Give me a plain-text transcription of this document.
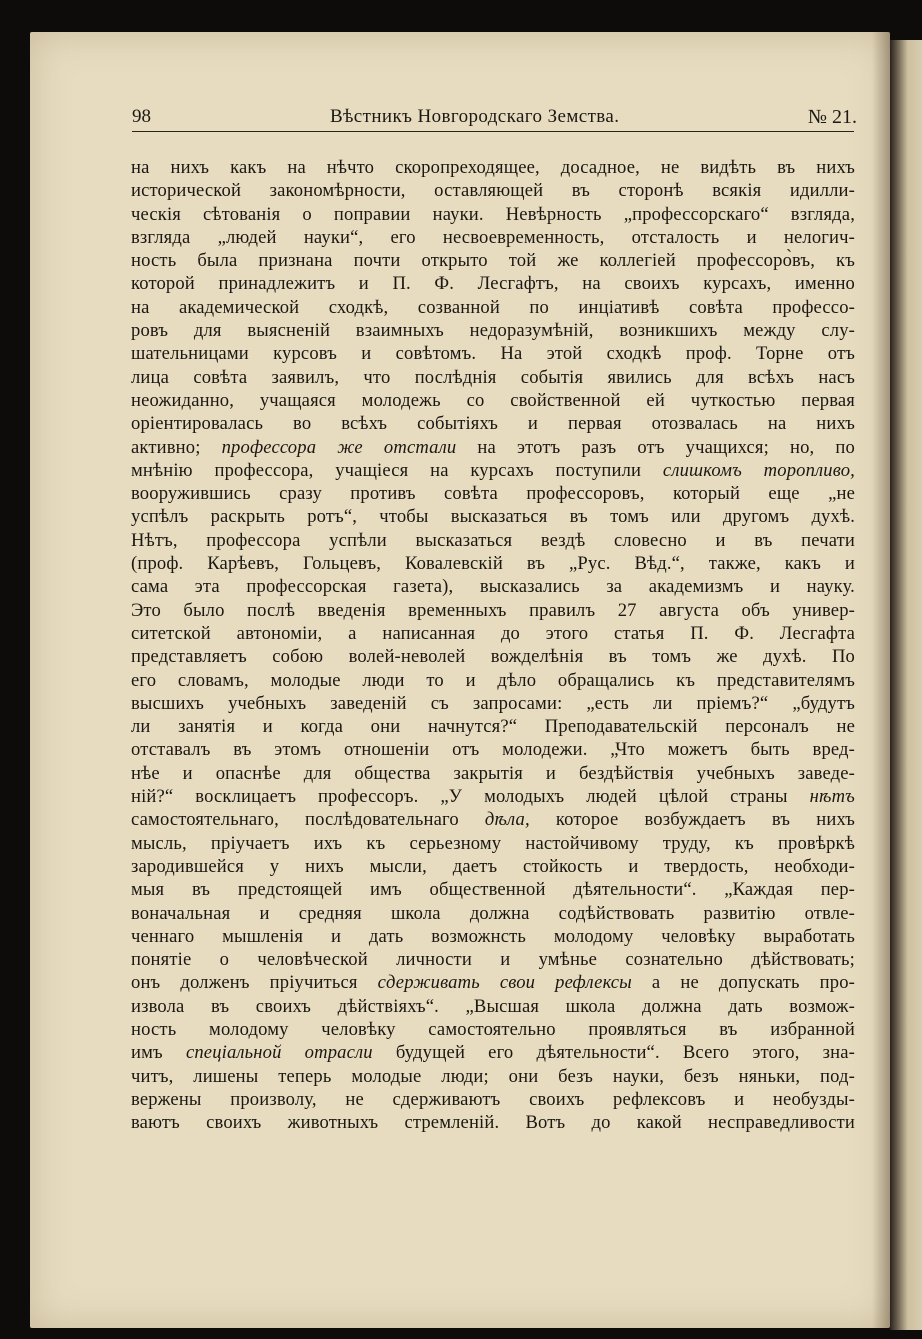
98	Вѣстникъ Новгородскаго Земства.	№ 21.
на нихъ какъ на нѣчто скоропреходящее, досадное, не видѣть въ нихъ
исторической закономѣрности, оставляющей въ сторонѣ всякія идилли-
ческія сѣтованія о поправии науки. Невѣрность „профессорскаго“ взгляда,
взгляда „людей науки“, его несвоевременность, отсталость и нелогич-
ность была признана почти открыто той же коллегіей профессоро̀въ, къ
которой принадлежитъ и П. Ф. Лесгафтъ, на своихъ курсахъ, именно
на академической сходкѣ, созванной по инціативѣ совѣта профессо-
ровъ для выясненій взаимныхъ недоразумѣній, возникшихъ между слу-
шательницами курсовъ и совѣтомъ. На этой сходкѣ проф. Торне отъ
лица совѣта заявилъ, что послѣднія событія явились для всѣхъ насъ
неожиданно, учащаяся молодежь со свойственной ей чуткостью первая
оріентировалась во всѣхъ событіяхъ и первая отозвалась на нихъ
активно; профессора же отстали на этотъ разъ отъ учащихся; но, по
мнѣнію профессора, учащіеся на курсахъ поступили слишкомъ торопливо,
вооружившись сразу противъ совѣта профессоровъ, который еще „не
успѣлъ раскрыть ротъ“, чтобы высказаться въ томъ или другомъ духѣ.
Нѣтъ, профессора успѣли высказаться вездѣ словесно и въ печати
(проф. Карѣевъ, Гольцевъ, Ковалевскій въ „Рус. Вѣд.“, также, какъ и
сама эта профессорская газета), высказались за академизмъ и науку.
Это было послѣ введенія временныхъ правилъ 27 августа объ универ-
ситетской автономіи, а написанная до этого статья П. Ф. Лесгафта
представляетъ собою волей-неволей вожделѣнія въ томъ же духѣ. По
его словамъ, молодые люди то и дѣло обращались къ представителямъ
высшихъ учебныхъ заведеній съ запросами: „есть ли пріемъ?“ „будутъ
ли занятія и когда они начнутся?“ Преподавательскій персоналъ не
отставалъ въ этомъ отношеніи отъ молодежи. „Что можетъ быть вред-
нѣе и опаснѣе для общества закрытія и бездѣйствія учебныхъ заведе-
ній?“ восклицаетъ профессоръ. „У молодыхъ людей цѣлой страны нѣтъ
самостоятельнаго, послѣдовательнаго дѣла, которое возбуждаетъ въ нихъ
мысль, пріучаетъ ихъ къ серьезному настойчивому труду, къ провѣркѣ
зародившейся у нихъ мысли, даетъ стойкость и твердость, необходи-
мыя въ предстоящей имъ общественной дѣятельности“. „Каждая пер-
воначальная и средняя школа должна содѣйствовать развитію отвле-
ченнаго мышленія и дать возможнсть молодому человѣку выработать
понятіе о человѣческой личности и умѣнье сознательно дѣйствовать;
онъ долженъ пріучиться сдерживать свои рефлексы а не допускать про-
извола въ своихъ дѣйствіяхъ“. „Высшая школа должна дать возмож-
ность молодому человѣку самостоятельно проявляться въ избранной
имъ спеціальной отрасли будущей его дѣятельности“. Всего этого, зна-
читъ, лишены теперь молодые люди; они безъ науки, безъ няньки, под-
вержены произволу, не сдерживаютъ своихъ рефлексовъ и необузды-
ваютъ своихъ животныхъ стремленій. Вотъ до какой несправедливости
